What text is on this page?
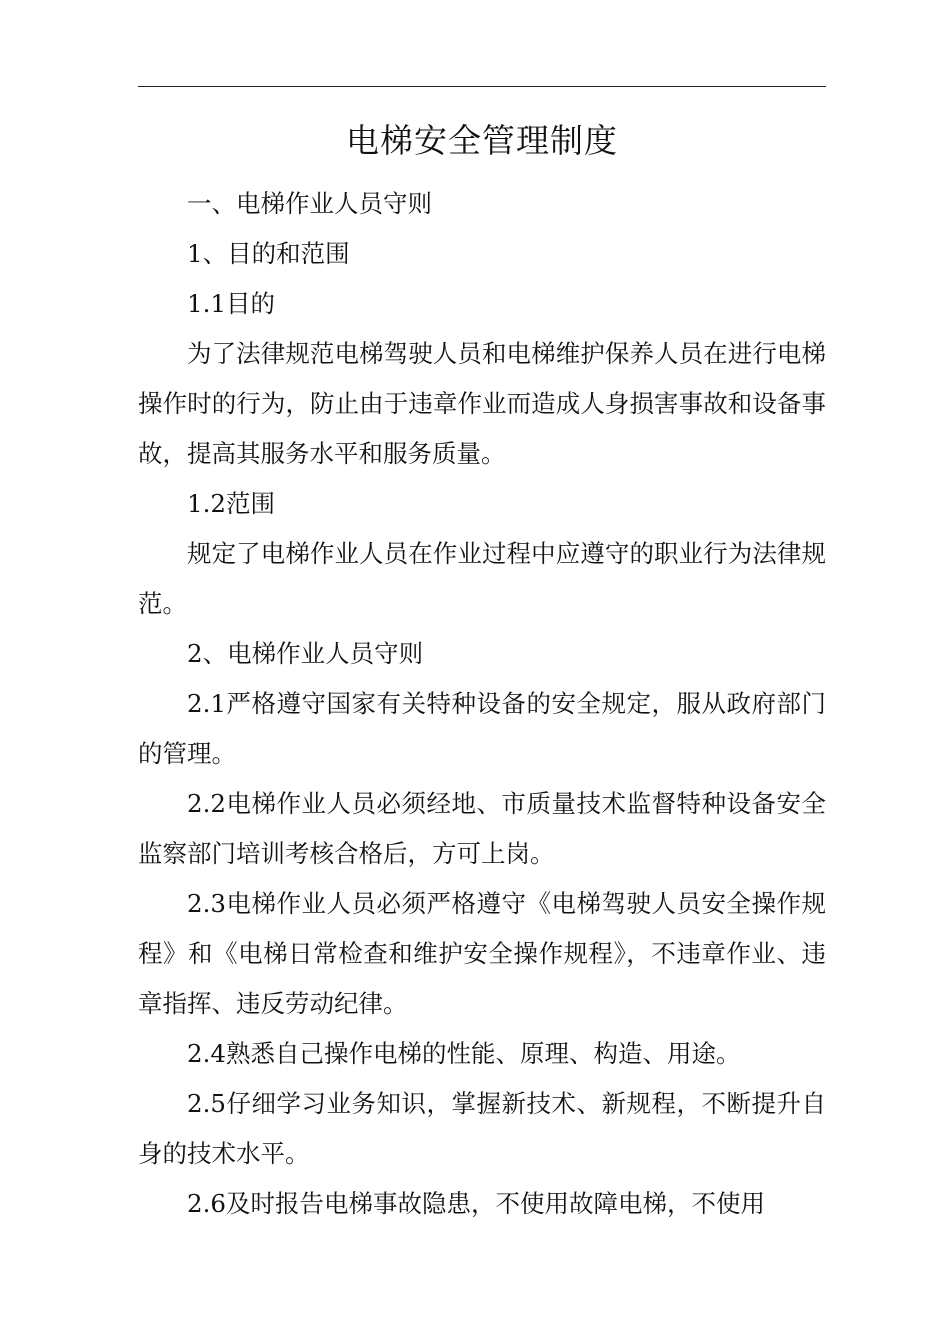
电梯安全管理制度

一、电梯作业人员守则

1、目的和范围

1.1目的

为了法律规范电梯驾驶人员和电梯维护保养人员在进行电梯操作时的行为，防止由于违章作业而造成人身损害事故和设备事故，提高其服务水平和服务质量。

1.2范围

规定了电梯作业人员在作业过程中应遵守的职业行为法律规范。

2、电梯作业人员守则

2.1严格遵守国家有关特种设备的安全规定，服从政府部门的管理。

2.2电梯作业人员必须经地、市质量技术监督特种设备安全监察部门培训考核合格后，方可上岗。

2.3电梯作业人员必须严格遵守《电梯驾驶人员安全操作规程》和《电梯日常检查和维护安全操作规程》，不违章作业、违章指挥、违反劳动纪律。

2.4熟悉自己操作电梯的性能、原理、构造、用途。

2.5仔细学习业务知识，掌握新技术、新规程，不断提升自身的技术水平。

2.6及时报告电梯事故隐患，不使用故障电梯，不使用
